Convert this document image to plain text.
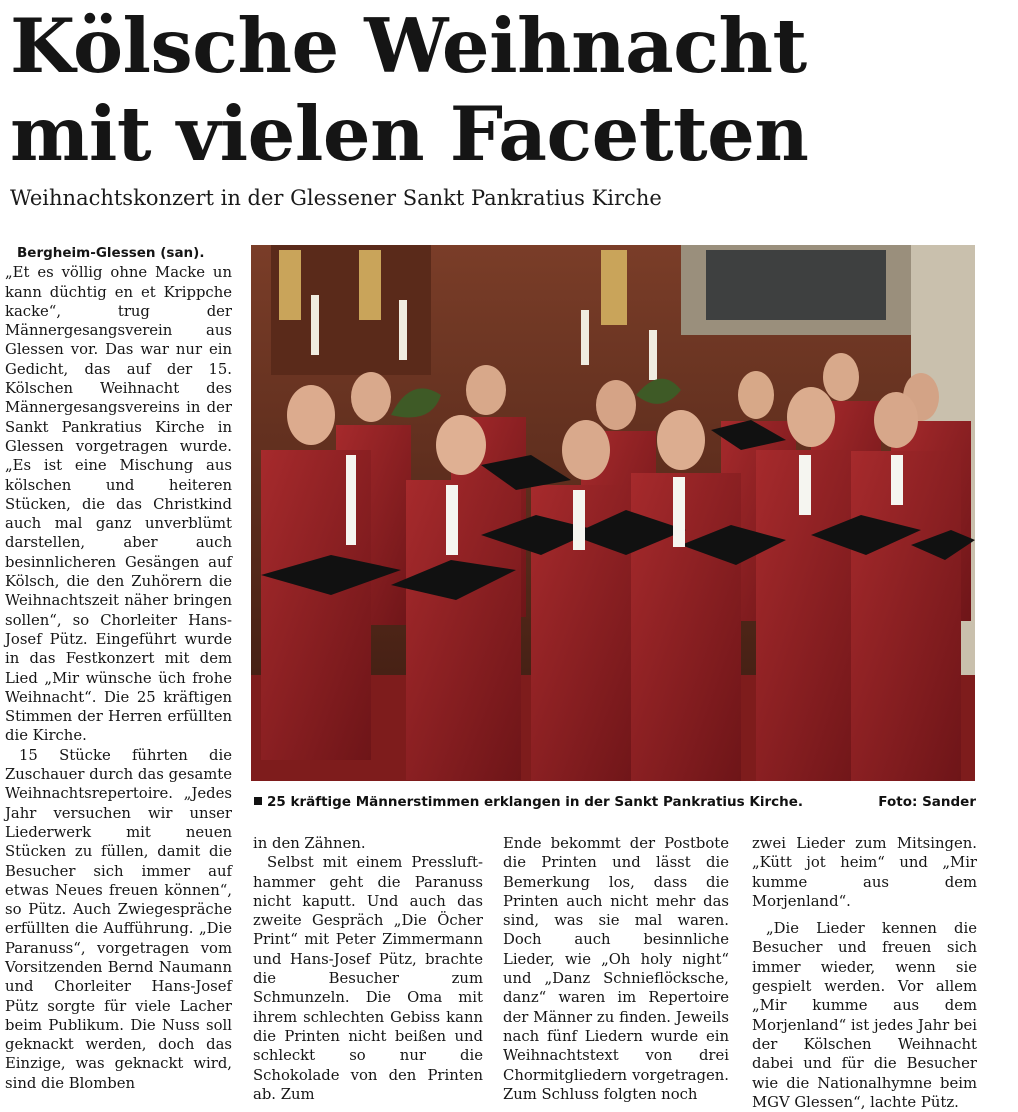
Kölsche Weihnacht
mit vielen Facetten
Weihnachtskonzert in der Glessener Sankt Pankratius Kirche

Bergheim-Glessen (san).

„Et es völlig ohne Macke un kann düchtig en et Krippche kacke“, trug der Männergesangsverein aus Glessen vor. Das war nur ein Gedicht, das auf der 15. Kölschen Weihnacht des Männergesangsvereins in der Sankt Pankratius Kirche in Glessen vorgetragen wurde. „Es ist eine Mischung aus kölschen und heiteren Stücken, die das Christkind auch mal ganz unverblümt darstellen, aber auch besinnlicheren Gesängen auf Kölsch, die den Zuhörern die Weihnachtszeit näher bringen sollen“, so Chorleiter Hans-Josef Pütz. Eingeführt wurde in das Festkonzert mit dem Lied „Mir wünsche üch frohe Weihnacht“. Die 25 kräftigen Stimmen der Herren erfüllten die Kirche.

15 Stücke führten die Zuschauer durch das gesamte Weihnachtsrepertoire. „Jedes Jahr versuchen wir unser Liederwerk mit neuen Stücken zu füllen, damit die Besucher sich immer auf etwas Neues freuen können“, so Pütz. Auch Zwiegespräche erfüllten die Aufführung. „Die Paranuss“, vorgetragen vom Vorsitzenden Bernd Naumann und Chorleiter Hans-Josef Pütz sorgte für viele Lacher beim Publikum. Die Nuss soll geknackt werden, doch das Einzige, was geknackt wird, sind die Blomben

25 kräftige Männerstimmen erklangen in der Sankt Pankratius Kirche.	Foto: Sander

in den Zähnen.

Selbst mit einem Presslufthammer geht die Paranuss nicht kaputt. Und auch das zweite Gespräch „Die Öcher Print“ mit Peter Zimmermann und Hans-Josef Pütz, brachte die Besucher zum Schmunzeln. Die Oma mit ihrem schlechten Gebiss kann die Printen nicht beißen und schleckt so nur die Schokolade von den Printen ab. Zum

Ende bekommt der Postbote die Printen und lässt die Bemerkung los, dass die Printen auch nicht mehr das sind, was sie mal waren. Doch auch besinnliche Lieder, wie „Oh holy night“ und „Danz Schnieflöcksche, danz“ waren im Repertoire der Männer zu finden. Jeweils nach fünf Liedern wurde ein Weihnachtstext von drei Chormitgliedern vorgetragen. Zum Schluss folgten noch

zwei Lieder zum Mitsingen. „Kütt jot heim“ und „Mir kumme aus dem Morjenland“.

„Die Lieder kennen die Besucher und freuen sich immer wieder, wenn sie gespielt werden. Vor allem „Mir kumme aus dem Morjenland“ ist jedes Jahr bei der Kölschen Weihnacht dabei und für die Besucher wie die Nationalhymne beim MGV Glessen“, lachte Pütz.
